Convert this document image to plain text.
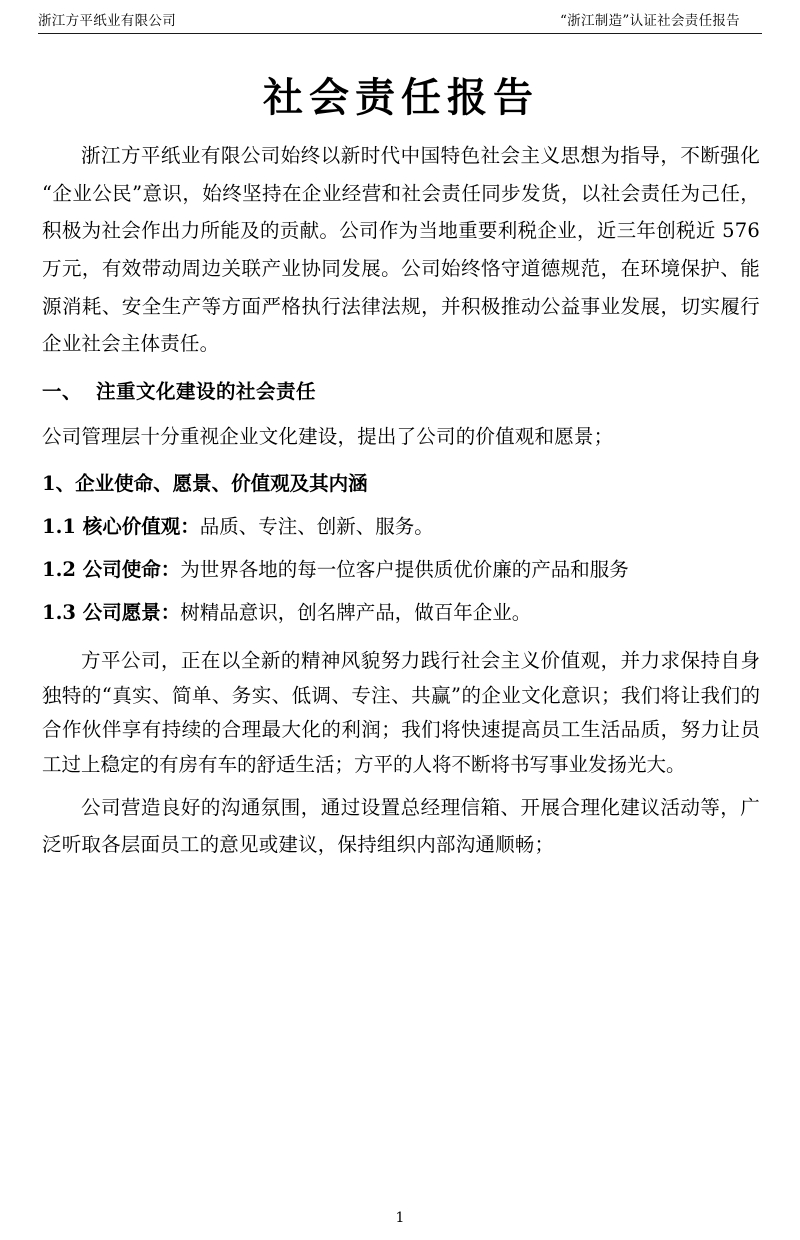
浙江方平纸业有限公司	“浙江制造”认证社会责任报告
社会责任报告

浙江方平纸业有限公司始终以新时代中国特色社会主义思想为指导，不断强化“企业公民”意识，始终坚持在企业经营和社会责任同步发货，以社会责任为己任，积极为社会作出力所能及的贡献。公司作为当地重要利税企业，近三年创税近 576 万元，有效带动周边关联产业协同发展。公司始终恪守道德规范，在环境保护、能源消耗、安全生产等方面严格执行法律法规，并积极推动公益事业发展，切实履行企业社会主体责任。

一、 注重文化建设的社会责任

公司管理层十分重视企业文化建设，提出了公司的价值观和愿景；

1、企业使命、愿景、价值观及其内涵

1.1 核心价值观：品质、专注、创新、服务。

1.2 公司使命：为世界各地的每一位客户提供质优价廉的产品和服务

1.3 公司愿景：树精品意识，创名牌产品，做百年企业。

方平公司，正在以全新的精神风貌努力践行社会主义价值观，并力求保持自身独特的“真实、简单、务实、低调、专注、共赢”的企业文化意识；我们将让我们的合作伙伴享有持续的合理最大化的利润；我们将快速提高员工生活品质，努力让员工过上稳定的有房有车的舒适生活；方平的人将不断将书写事业发扬光大。

公司营造良好的沟通氛围，通过设置总经理信箱、开展合理化建议活动等，广泛听取各层面员工的意见或建议，保持组织内部沟通顺畅；

1
